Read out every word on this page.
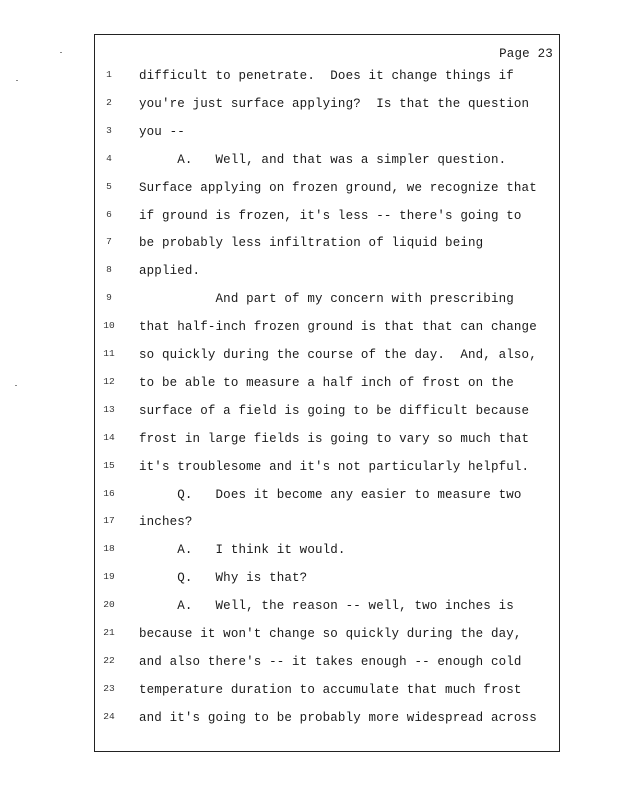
Page 23
1	difficult to penetrate.  Does it change things if
2	you're just surface applying?  Is that the question
3	you --
4	A.   Well, and that was a simpler question.
5	Surface applying on frozen ground, we recognize that
6	if ground is frozen, it's less -- there's going to
7	be probably less infiltration of liquid being
8	applied.
9	And part of my concern with prescribing
10 that half-inch frozen ground is that that can change
11 so quickly during the course of the day.  And, also,
12 to be able to measure a half inch of frost on the
13 surface of a field is going to be difficult because
14 frost in large fields is going to vary so much that
15 it's troublesome and it's not particularly helpful.
16 Q.   Does it become any easier to measure two
17 inches?
18 A.   I think it would.
19 Q.   Why is that?
20 A.   Well, the reason -- well, two inches is
21 because it won't change so quickly during the day,
22 and also there's -- it takes enough -- enough cold
23 temperature duration to accumulate that much frost
24 and it's going to be probably more widespread across
